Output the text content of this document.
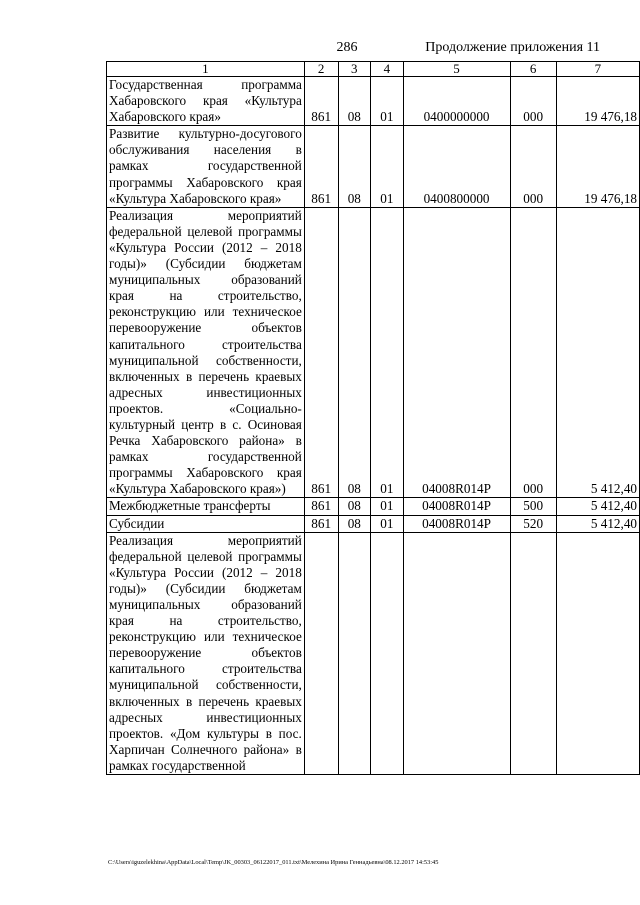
286	Продолжение приложения 11
1	2	3	4	5	6	7
Государственная программа Хабаровского края «Культура Хабаровского края»	861	08	01	0400000000	000	19 476,18
Развитие культурно-досугового обслуживания населения в рамках государственной программы Хабаровского края «Культура Хабаровского края»	861	08	01	0400800000	000	19 476,18
Реализация мероприятий федеральной целевой программы «Культура России (2012 – 2018 годы)» (Субсидии бюджетам муниципальных образований края на строительство, реконструкцию или техническое перевооружение объектов капитального строительства муниципальной собственности, включенных в перечень краевых адресных инвестиционных проектов. «Социально-культурный центр в с. Осиновая Речка Хабаровского района» в рамках государственной программы Хабаровского края «Культура Хабаровского края»)	861	08	01	04008R014P	000	5 412,40
Межбюджетные трансферты	861	08	01	04008R014P	500	5 412,40
Субсидии	861	08	01	04008R014P	520	5 412,40
Реализация мероприятий федеральной целевой программы «Культура России (2012 – 2018 годы)» (Субсидии бюджетам муниципальных образований края на строительство, реконструкцию или техническое перевооружение объектов капитального строительства муниципальной собственности, включенных в перечень краевых адресных инвестиционных проектов. «Дом культуры в пос. Харпичан Солнечного района» в рамках государственной						
C:\Users\iguzelekhina\AppData\Local\Temp\JK_00303_06122017_011.txt\Мелехина Ирина Геннадьевна\08.12.2017 14:53:45
